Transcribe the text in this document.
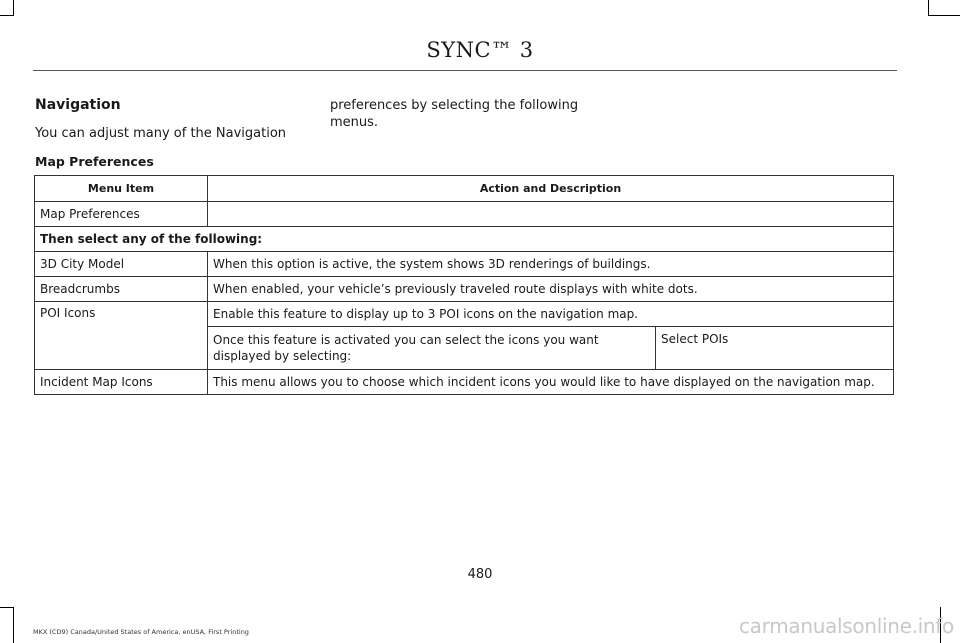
SYNC™ 3
Navigation
You can adjust many of the Navigation
preferences by selecting the following menus.
Map Preferences
Menu Item	Action and Description	
Map Preferences		
Then select any of the following:		
3D City Model	When this option is active, the system shows 3D renderings of buildings.	
Breadcrumbs	When enabled, your vehicle’s previously traveled route displays with white dots.	
POI Icons	Enable this feature to display up to 3 POI icons on the navigation map.	
	Once this feature is activated you can select the icons you want displayed by selecting:	Select POIs
Incident Map Icons	This menu allows you to choose which incident icons you would like to have displayed on the navigation map.	
480
MKX (CD9) Canada/United States of America, enUSA, First Printing	carmanualsonline.info
